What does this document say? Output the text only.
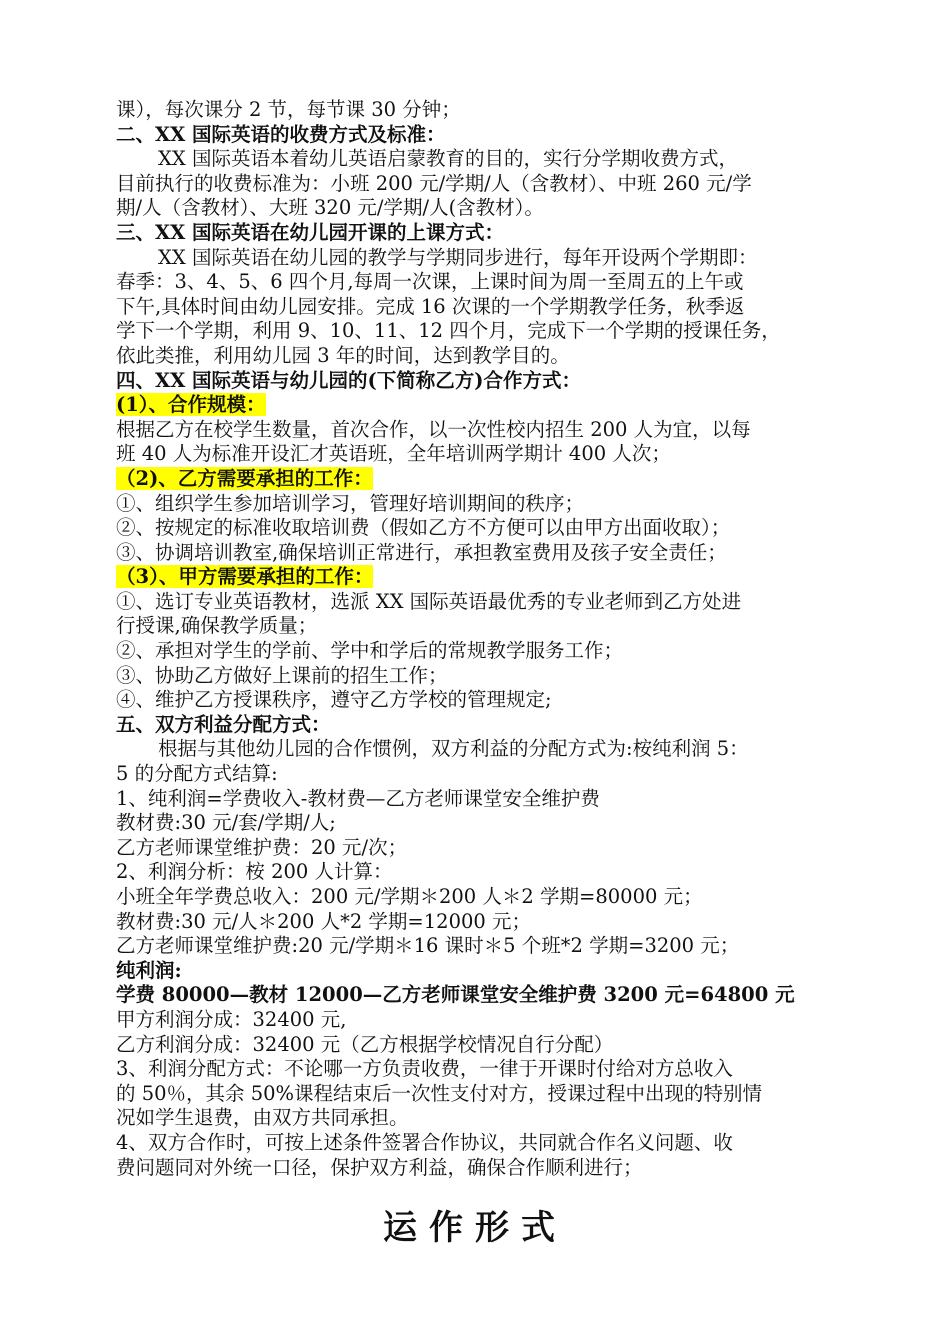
课），每次课分 2 节，每节课 30 分钟；

二、XX 国际英语的收费方式及标准：

XX 国际英语本着幼儿英语启蒙教育的目的，实行分学期收费方式，

目前执行的收费标准为：小班 200 元/学期/人（含教材）、中班 260 元/学

期/人（含教材）、大班 320 元/学期/人(含教材）。

三、XX 国际英语在幼儿园开课的上课方式：

XX 国际英语在幼儿园的教学与学期同步进行，每年开设两个学期即：

春季：3、4、5、6 四个月,每周一次课，上课时间为周一至周五的上午或

下午,具体时间由幼儿园安排。完成 16 次课的一个学期教学任务，秋季返

学下一个学期，利用 9、10、11、12 四个月，完成下一个学期的授课任务，

依此类推，利用幼儿园 3 年的时间，达到教学目的。

四、XX 国际英语与幼儿园的(下简称乙方)合作方式：

(1）、合作规模：

根据乙方在校学生数量，首次合作，以一次性校内招生 200 人为宜，以每

班 40 人为标准开设汇才英语班，全年培训两学期计 400 人次；

（2)、乙方需要承担的工作：

①、组织学生参加培训学习，管理好培训期间的秩序；

②、按规定的标准收取培训费（假如乙方不方便可以由甲方出面收取）；

③、协调培训教室,确保培训正常进行，承担教室费用及孩子安全责任；

（3）、甲方需要承担的工作：

①、选订专业英语教材，选派 XX 国际英语最优秀的专业老师到乙方处进

行授课,确保教学质量；

②、承担对学生的学前、学中和学后的常规教学服务工作；

③、协助乙方做好上课前的招生工作；

④、维护乙方授课秩序，遵守乙方学校的管理规定;

五、双方利益分配方式：

根据与其他幼儿园的合作惯例，双方利益的分配方式为:桉纯利润 5：

5 的分配方式结算:

1、纯利润=学费收入-教材费—乙方老师课堂安全维护费

教材费:30 元/套/学期/人;

乙方老师课堂维护费：20 元/次；

2、利润分析：桉 200 人计算：

小班全年学费总收入：200 元/学期＊200 人＊2 学期=80000 元；

教材费:30 元/人＊200 人*2 学期=12000 元；

乙方老师课堂维护费:20 元/学期＊16 课时＊5 个班*2 学期=3200 元；

纯利润:

学费 80000—教材 12000—乙方老师课堂安全维护费 3200 元=64800 元

甲方利润分成：32400 元,

乙方利润分成：32400 元（乙方根据学校情况自行分配）

3、利润分配方式：不论哪一方负责收费，一律于开课时付给对方总收入

的 50％，其余 50%课程结束后一次性支付对方，授课过程中出现的特别情

况如学生退费，由双方共同承担。

4、双方合作时，可按上述条件签署合作协议，共同就合作名义问题、收

费问题同对外统一口径，保护双方利益，确保合作顺利进行；

运作形式
